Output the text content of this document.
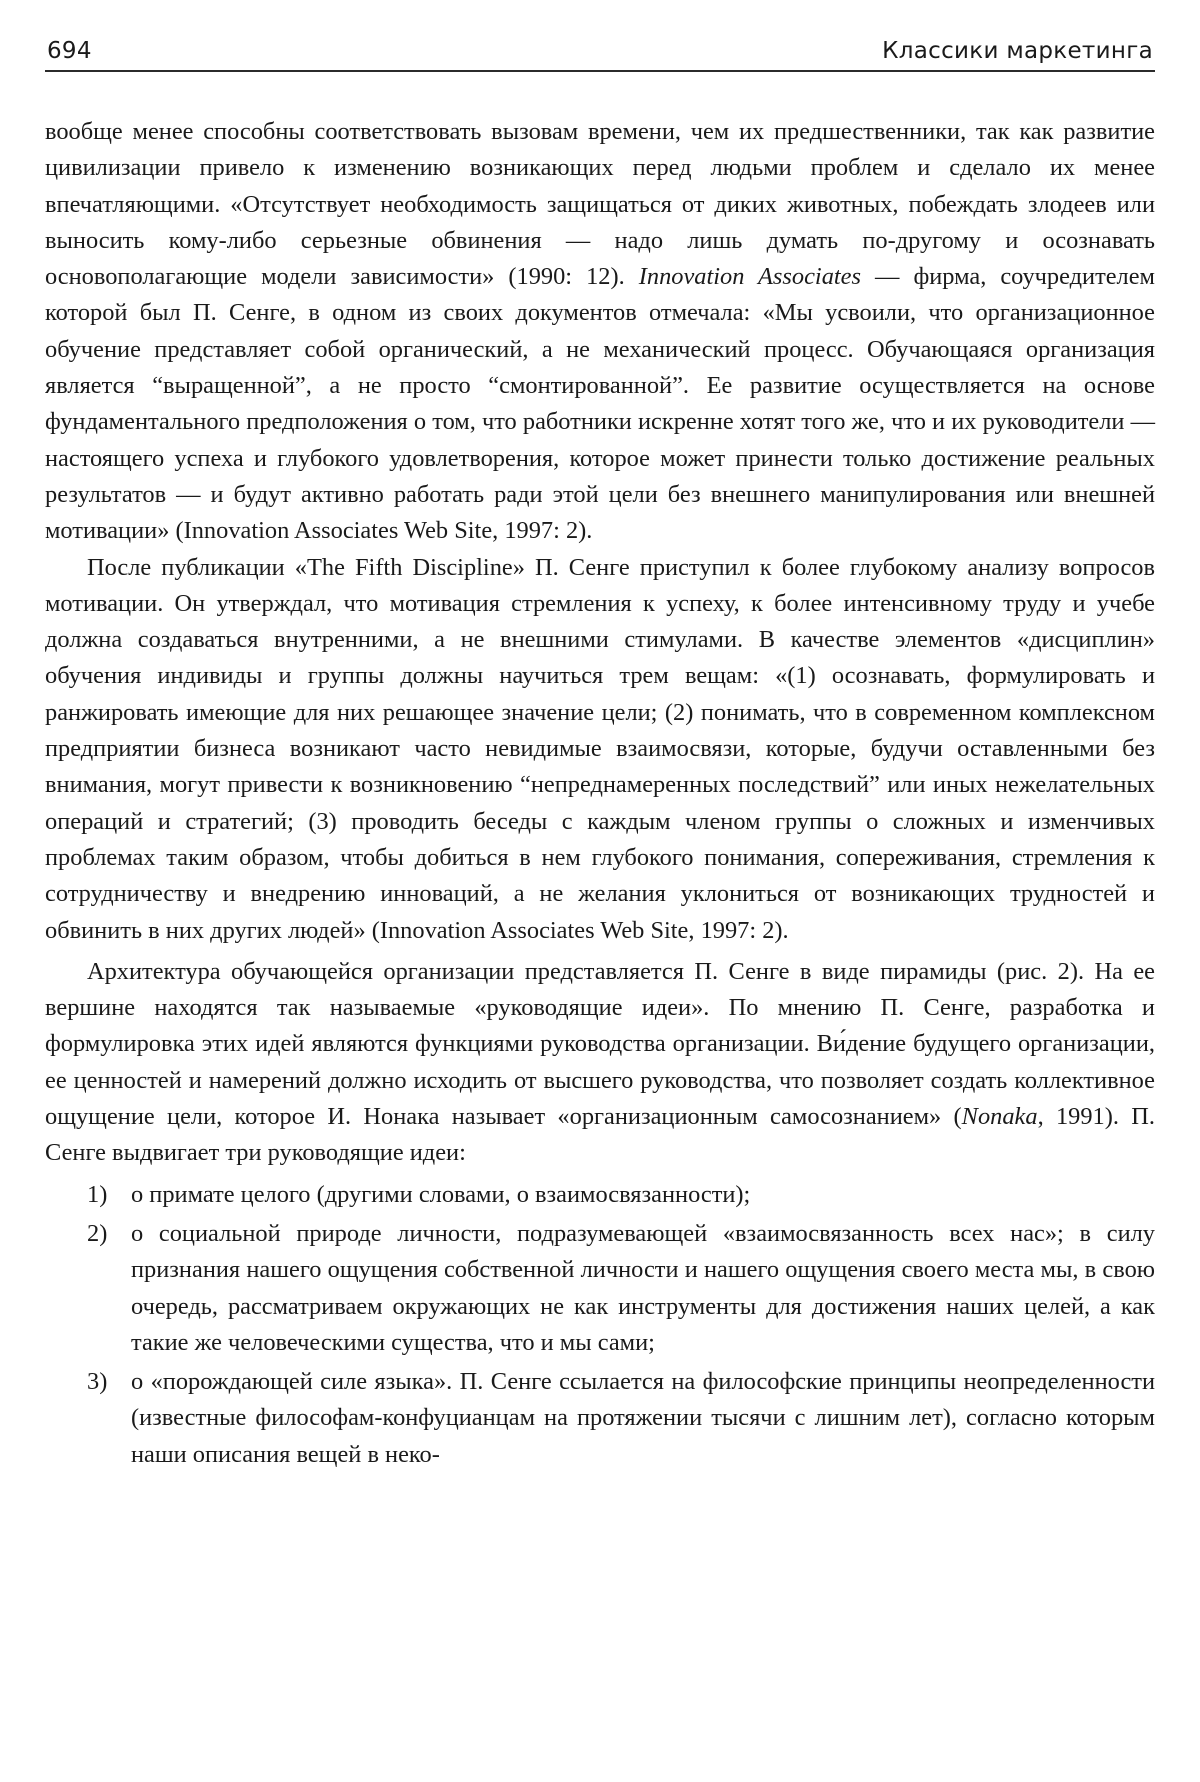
694	Классики маркетинга

вообще менее способны соответствовать вызовам времени, чем их предшественники, так как развитие цивилизации привело к изменению возникающих перед людьми проблем и сделало их менее впечатляющими. «Отсутствует необходимость защищаться от диких животных, побеждать злодеев или выносить кому-либо серьезные обвинения — надо лишь думать по-другому и осознавать основополагающие модели зависимости» (1990: 12). Innovation Associates — фирма, соучредителем которой был П. Сенге, в одном из своих документов отмечала: «Мы усвоили, что организационное обучение представляет собой органический, а не механический процесс. Обучающаяся организация является “выращенной”, а не просто “смонтированной”. Ее развитие осуществляется на основе фундаментального предположения о том, что работники искренне хотят того же, что и их руководители — настоящего успеха и глубокого удовлетворения, которое может принести только достижение реальных результатов — и будут активно работать ради этой цели без внешнего манипулирования или внешней мотивации» (Innovation Associates Web Site, 1997: 2).

После публикации «The Fifth Discipline» П. Сенге приступил к более глубокому анализу вопросов мотивации. Он утверждал, что мотивация стремления к успеху, к более интенсивному труду и учебе должна создаваться внутренними, а не внешними стимулами. В качестве элементов «дисциплин» обучения индивиды и группы должны научиться трем вещам: «(1) осознавать, формулировать и ранжировать имеющие для них решающее значение цели; (2) понимать, что в современном комплексном предприятии бизнеса возникают часто невидимые взаимосвязи, которые, будучи оставленными без внимания, могут привести к возникновению “непреднамеренных последствий” или иных нежелательных операций и стратегий; (3) проводить беседы с каждым членом группы о сложных и изменчивых проблемах таким образом, чтобы добиться в нем глубокого понимания, сопереживания, стремления к сотрудничеству и внедрению инноваций, а не желания уклониться от возникающих трудностей и обвинить в них других людей» (Innovation Associates Web Site, 1997: 2).

Архитектура обучающейся организации представляется П. Сенге в виде пирамиды (рис. 2). На ее вершине находятся так называемые «руководящие идеи». По мнению П. Сенге, разработка и формулировка этих идей являются функциями руководства организации. Ви́дение будущего организации, ее ценностей и намерений должно исходить от высшего руководства, что позволяет создать коллективное ощущение цели, которое И. Нонака называет «организационным самосознанием» (Nonaka, 1991). П. Сенге выдвигает три руководящие идеи:

1) о примате целого (другими словами, о взаимосвязанности);
2) о социальной природе личности, подразумевающей «взаимосвязанность всех нас»; в силу признания нашего ощущения собственной личности и нашего ощущения своего места мы, в свою очередь, рассматриваем окружающих не как инструменты для достижения наших целей, а как такие же человеческими существа, что и мы сами;
3) о «порождающей силе языка». П. Сенге ссылается на философские принципы неопределенности (известные философам-конфуцианцам на протяжении тысячи с лишним лет), согласно которым наши описания вещей в неко-
